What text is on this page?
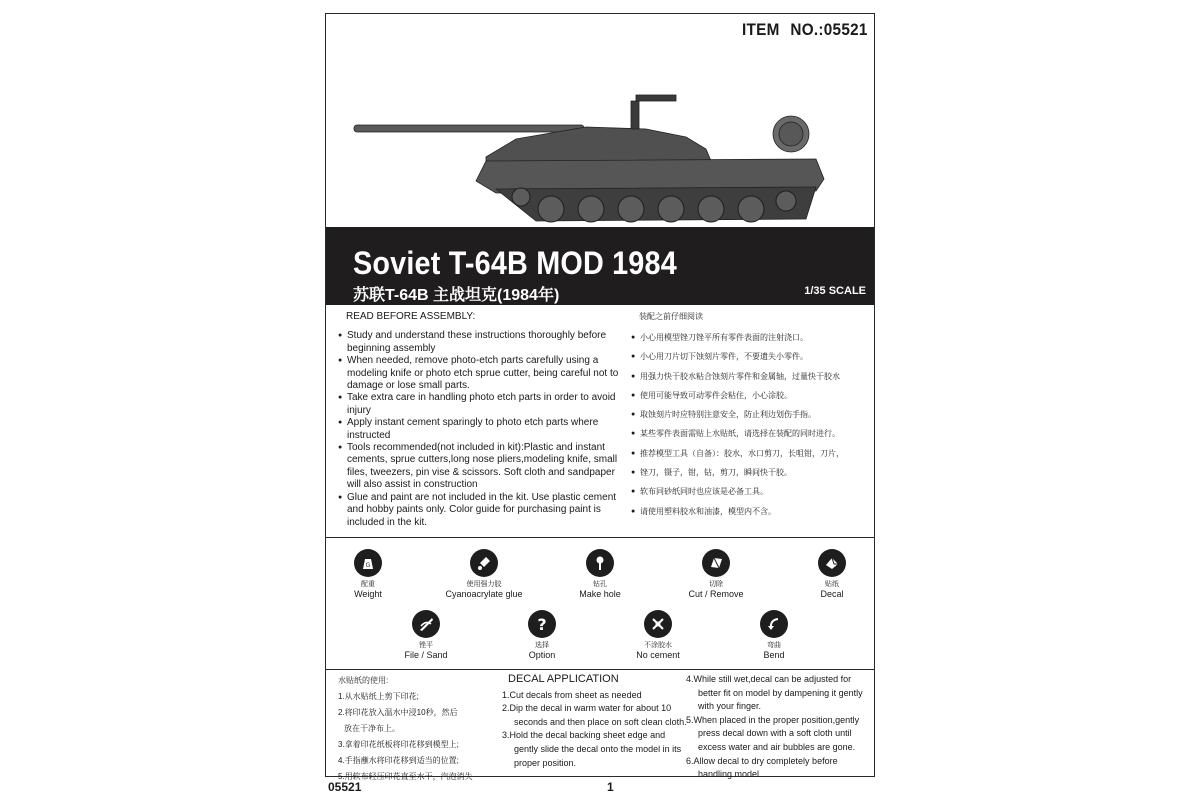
ITEM NO.:05521
Soviet T-64B MOD 1984
苏联T-64B 主战坦克(1984年)	1/35 SCALE
READ BEFORE ASSEMBLY:
● Study and understand these instructions thoroughly before beginning assembly
● When needed, remove photo-etch parts carefully using a modeling knife or photo etch sprue cutter, being careful not to damage or lose small parts.
● Take extra care in handling photo etch parts in order to avoid injury
● Apply instant cement sparingly to photo etch parts where instructed
● Tools recommended(not included in kit):Plastic and instant cements, sprue cutters,long nose pliers,modeling knife, small files, tweezers, pin vise & scissors. Soft cloth and sandpaper will also assist in construction
● Glue and paint are not included in the kit. Use plastic cement and hobby paints only. Color guide for purchasing paint is included in the kit.
装配之前仔细阅读
● 小心用模型锉刀锉平所有零件表面的注射浇口。
● 小心用刀片切下蚀刻片零件，不要遗失小零件。
● 用强力快干胶水粘合蚀刻片零件和金属轴，过量快干胶水
● 使用可能导致可动零件会粘住，小心涂胶。
● 取蚀刻片时应特别注意安全，防止利边划伤手指。
● 某些零件表面需贴上水贴纸，请选择在装配的同时进行。
● 推荐模型工具（自备）：胶水，水口剪刀，长咀钳，刀片，
● 锉刀，镊子，钳，钻，剪刀，瞬间快干胶。
● 软布同砂纸同时也应该是必备工具。
● 请使用塑料胶水和油漆，模型内不含。
G
配重
Weight
使用强力胶
Cyanoacrylate glue
钻孔
Make hole
切除
Cut / Remove
贴纸
Decal
锉平
File / Sand
?
选择
Option
不涂胶水
No cement
弯曲
Bend
水贴纸的使用:
1.从水贴纸上剪下印花;
2.将印花放入温水中浸10秒，然后
放在干净布上。
3.拿着印花纸板将印花移到模型上;
4.手指蘸水将印花移到适当的位置;
5.用软布轻压印花直至水干，汽泡消失
DECAL APPLICATION

1.Cut decals from sheet as needed

2.Dip the decal in warm water for about 10 seconds and then place on soft clean cloth.

3.Hold the decal backing sheet edge and gently slide the decal onto the model in its proper position.

4.While still wet,decal can be adjusted for better fit on model by dampening it gently with your finger.

5.When placed in the proper position,gently press decal down with a soft cloth until excess water and air bubbles are gone.

6.Allow decal to dry completely before handling model

05521	1
